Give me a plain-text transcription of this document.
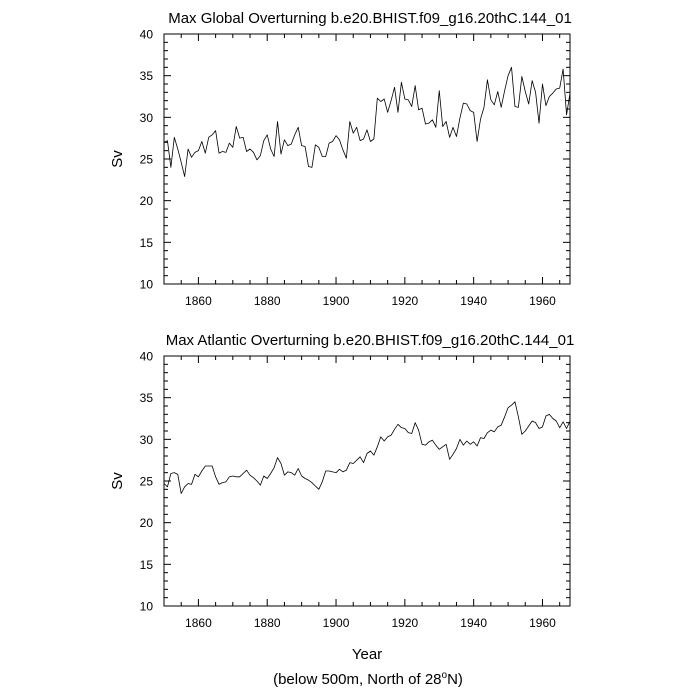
Max Global Overturning b.e20.BHIST.f09_g16.20thC.144_01
10
15
20
25
30
35
40
1860	1880	1900	1920	1940	1960
Sv
Max Atlantic Overturning b.e20.BHIST.f09_g16.20thC.144_01
10
15
20
25
30
35
40
1860	1880	1900	1920	1940	1960
Sv
Year
(below 500m, North of 28$^o$N)
